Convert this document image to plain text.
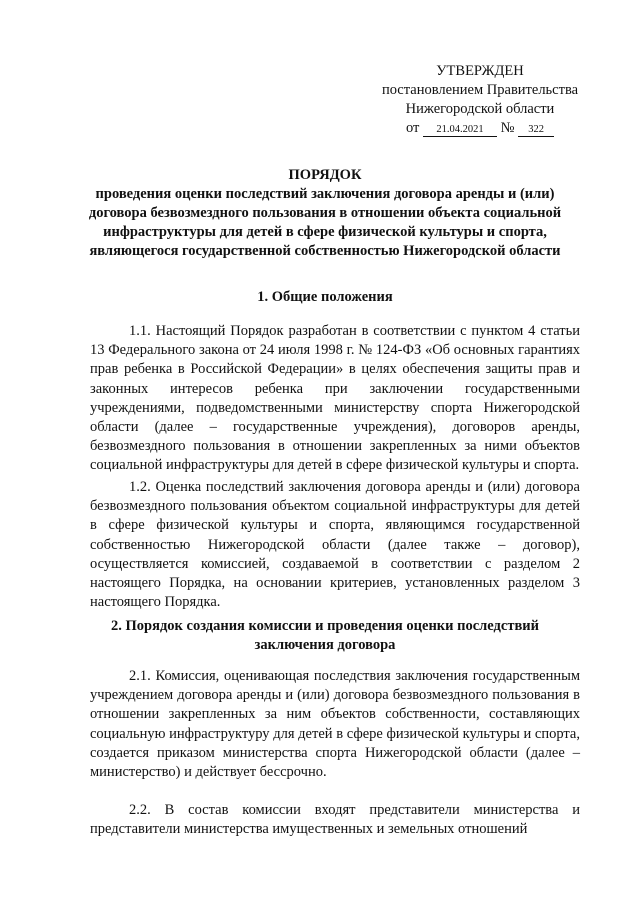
УТВЕРЖДЕН
постановлением Правительства
Нижегородской области
от 21.04.2021 № 322
ПОРЯДОК
проведения оценки последствий заключения договора аренды и (или) договора безвозмездного пользования в отношении объекта социальной инфраструктуры для детей в сфере физической культуры и спорта, являющегося государственной собственностью Нижегородской области
1. Общие положения

1.1. Настоящий Порядок разработан в соответствии с пунктом 4 статьи 13 Федерального закона от 24 июля 1998 г. № 124-ФЗ «Об основных гарантиях прав ребенка в Российской Федерации» в целях обеспечения защиты прав и законных интересов ребенка при заключении государственными учреждениями, подведомственными министерству спорта Нижегородской области (далее – государственные учреждения), договоров аренды, безвозмездного пользования в отношении закрепленных за ними объектов социальной инфраструктуры для детей в сфере физической культуры и спорта.

1.2. Оценка последствий заключения договора аренды и (или) договора безвозмездного пользования объектом социальной инфраструктуры для детей в сфере физической культуры и спорта, являющимся государственной собственностью Нижегородской области (далее также – договор), осуществляется комиссией, создаваемой в соответствии с разделом 2 настоящего Порядка, на основании критериев, установленных разделом 3 настоящего Порядка.

2. Порядок создания комиссии и проведения оценки последствий заключения договора

2.1. Комиссия, оценивающая последствия заключения государственным учреждением договора аренды и (или) договора безвозмездного пользования в отношении закрепленных за ним объектов собственности, составляющих социальную инфраструктуру для детей в сфере физической культуры и спорта, создается приказом министерства спорта Нижегородской области (далее – министерство) и действует бессрочно.

2.2. В состав комиссии входят представители министерства и представители министерства имущественных и земельных отношений
